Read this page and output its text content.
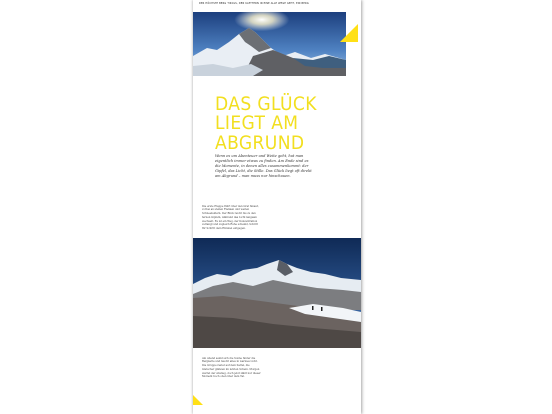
DER HÖCHSTE BERG TIROLS, DEN KLETTERN IN EINE ALLE WEGE GEHT, EIN BERG
DAS GLÜCK
LIEGT AM
ABGRUND

Wenn es um Abenteuer und Weite geht, hat man eigentlich immer etwas zu finden. Am Ende sind es die Momente, in denen alles zusammenkommt: der Gipfel, das Licht, die Stille. Das Glück liegt oft direkt am Abgrund – man muss nur hinschauen.

Die erste Etappe führt über den Grat hinauf, vorbei an steilen Flanken und weiten Schneefeldern. Der Blick reicht bis zu den fernen Gipfeln, während das Licht langsam wechselt. Es ist ein Weg, der Konzentration verlangt und zugleich Ruhe schenkt, Schritt für Schritt dem Himmel entgegen.

Am Abend senkt sich die Sonne hinter die Bergkette und taucht alles in warmes Licht. Die Gruppe rastet auf dem Sattel, die Gletscher glänzen im letzten Schein. Morgen wartet der Abstieg, doch jetzt zählt nur dieser Moment hoch oben über dem Tal.
